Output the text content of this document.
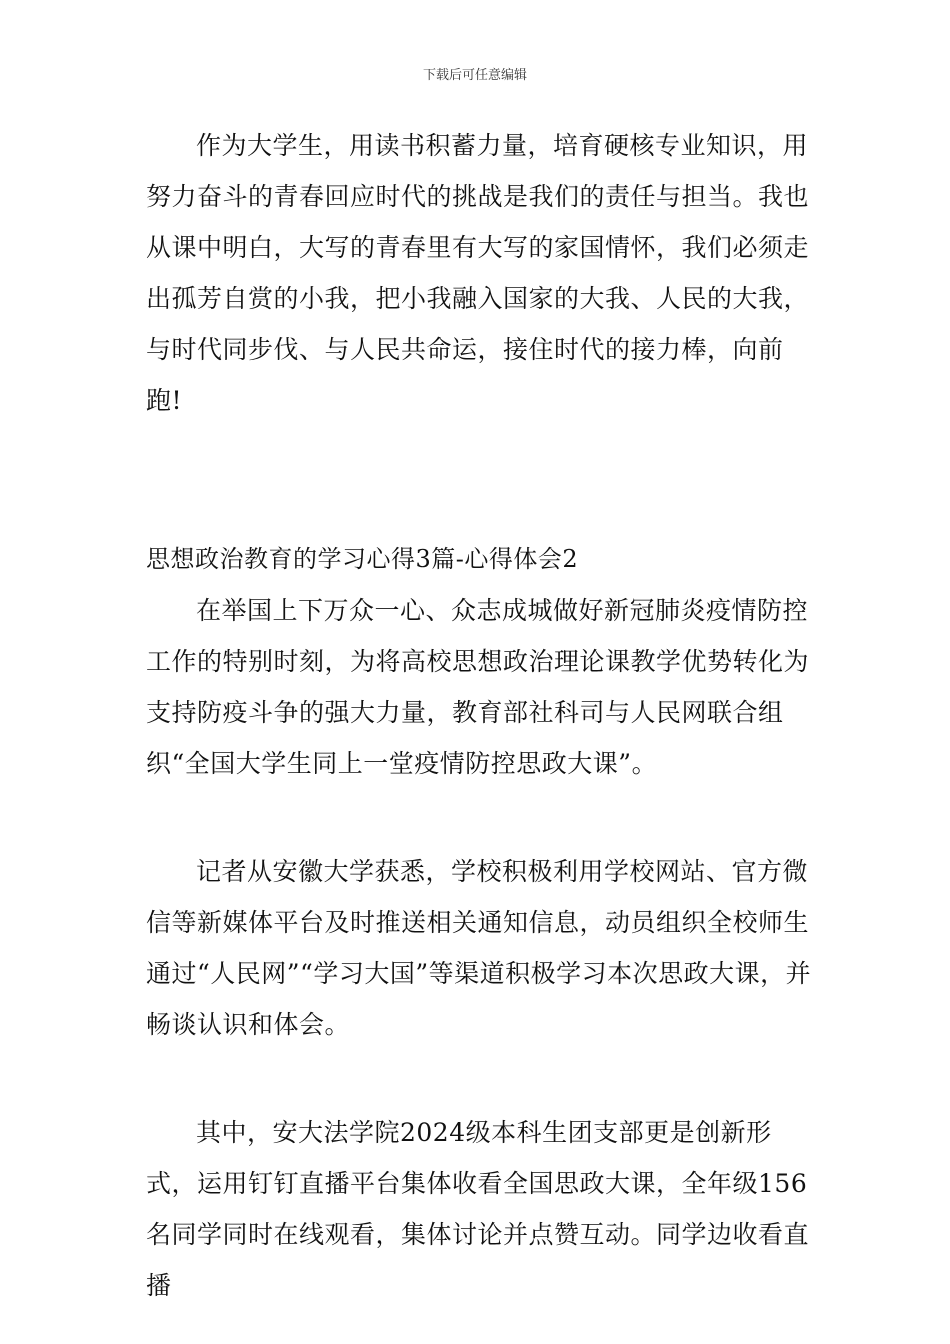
下载后可任意编辑

作为大学生，用读书积蓄力量，培育硬核专业知识，用努力奋斗的青春回应时代的挑战是我们的责任与担当。我也从课中明白，大写的青春里有大写的家国情怀，我们必须走出孤芳自赏的小我，把小我融入国家的大我、人民的大我，与时代同步伐、与人民共命运，接住时代的接力棒，向前跑!

思想政治教育的学习心得3篇-心得体会2

在举国上下万众一心、众志成城做好新冠肺炎疫情防控工作的特别时刻，为将高校思想政治理论课教学优势转化为支持防疫斗争的强大力量，教育部社科司与人民网联合组织“全国大学生同上一堂疫情防控思政大课”。

记者从安徽大学获悉，学校积极利用学校网站、官方微信等新媒体平台及时推送相关通知信息，动员组织全校师生通过“人民网”“学习大国”等渠道积极学习本次思政大课，并畅谈认识和体会。

其中，安大法学院2024级本科生团支部更是创新形式，运用钉钉直播平台集体收看全国思政大课，全年级156名同学同时在线观看，集体讨论并点赞互动。同学边收看直播
